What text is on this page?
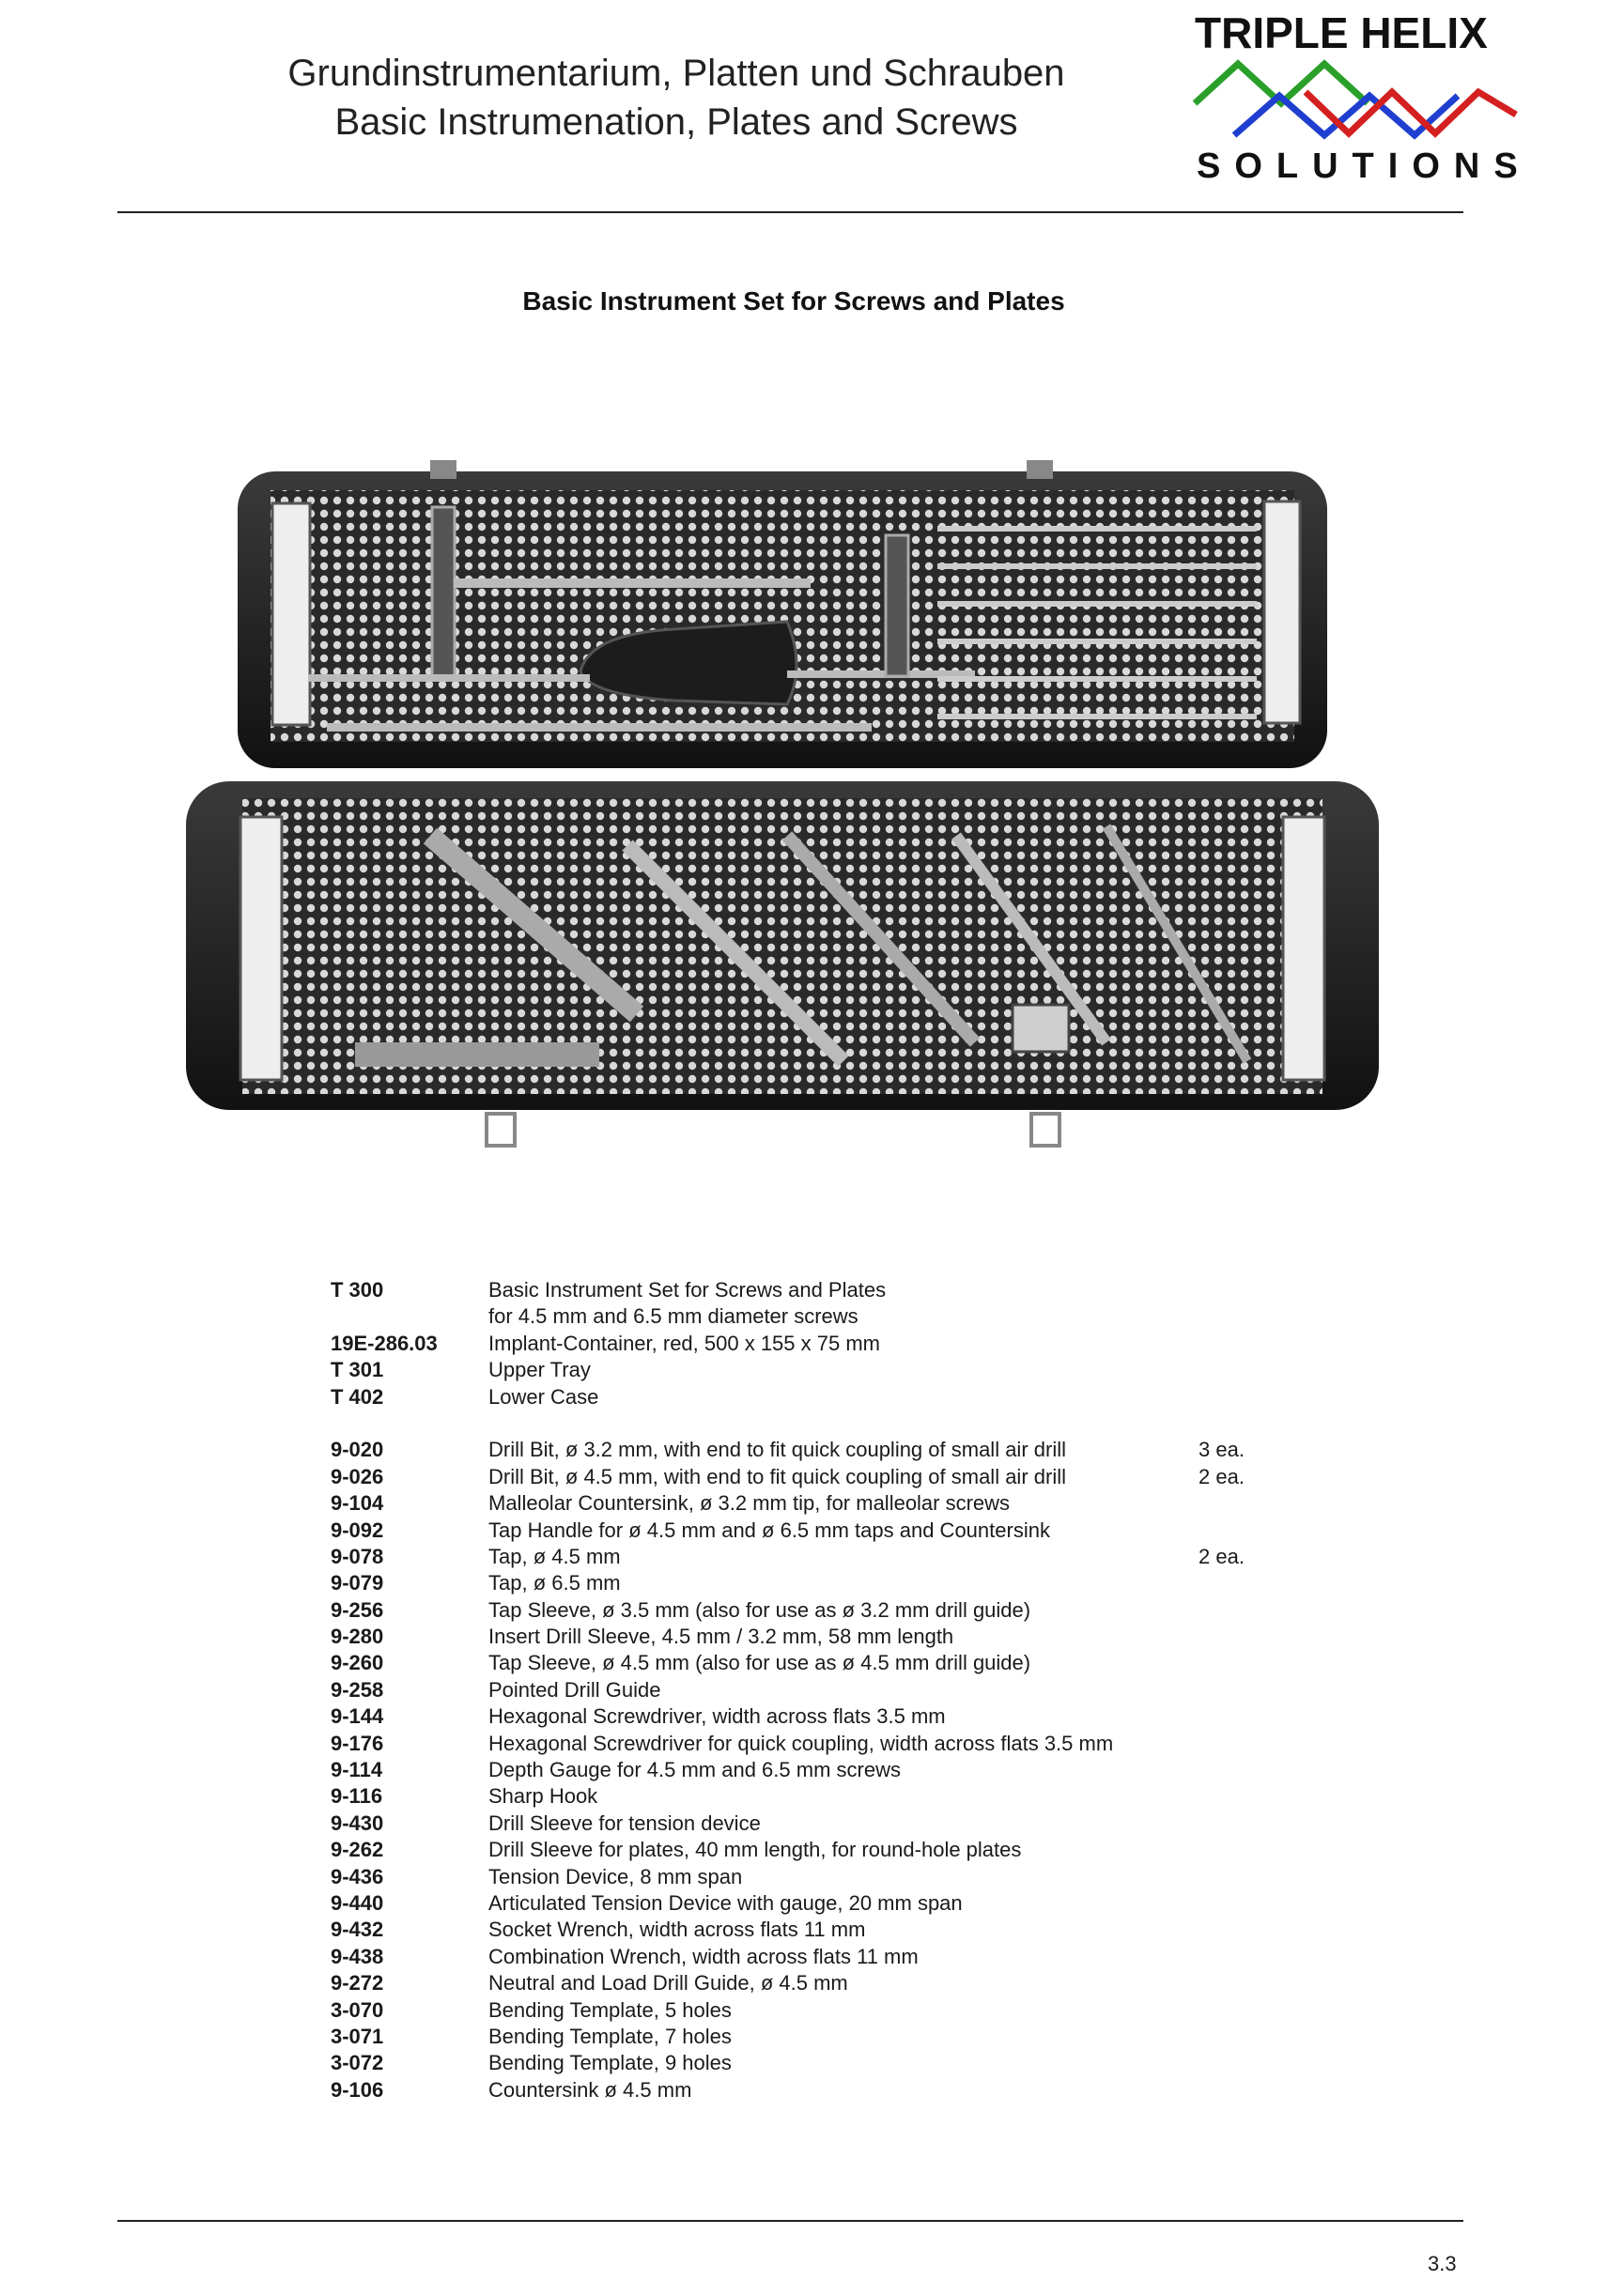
Grundinstrumentarium, Platten und Schrauben
Basic Instrumenation, Plates and Screws
TRIPLE HELIX
SOLUTIONS
Basic Instrument Set for Screws and Plates
T 300	Basic Instrument Set for Screws and Plates
for 4.5 mm and 6.5 mm diameter screws
19E-286.03	Implant-Container, red, 500 x 155 x 75 mm
T 301	Upper Tray
T 402	Lower Case
9-020	Drill Bit, ø 3.2 mm, with end to fit quick coupling of small air drill	3 ea.
9-026	Drill Bit, ø 4.5 mm, with end to fit quick coupling of small air drill	2 ea.
9-104	Malleolar Countersink, ø 3.2 mm tip, for malleolar screws
9-092	Tap Handle for ø 4.5 mm and ø 6.5 mm taps and Countersink
9-078	Tap, ø 4.5 mm	2 ea.
9-079	Tap, ø 6.5 mm
9-256	Tap Sleeve, ø 3.5 mm (also for use as ø 3.2 mm drill guide)
9-280	Insert Drill Sleeve, 4.5 mm / 3.2 mm, 58 mm length
9-260	Tap Sleeve, ø 4.5 mm (also for use as ø 4.5 mm drill guide)
9-258	Pointed Drill Guide
9-144	Hexagonal Screwdriver, width across flats 3.5 mm
9-176	Hexagonal Screwdriver for quick coupling, width across flats 3.5 mm
9-114	Depth Gauge for 4.5 mm and 6.5 mm screws
9-116	Sharp Hook
9-430	Drill Sleeve for tension device
9-262	Drill Sleeve for plates, 40 mm length, for round-hole plates
9-436	Tension Device, 8 mm span
9-440	Articulated Tension Device with gauge, 20 mm span
9-432	Socket Wrench, width across flats 11 mm
9-438	Combination Wrench, width across flats 11 mm
9-272	Neutral and Load Drill Guide, ø 4.5 mm
3-070	Bending Template, 5 holes
3-071	Bending Template, 7 holes
3-072	Bending Template, 9 holes
9-106	Countersink ø 4.5 mm
3.3
